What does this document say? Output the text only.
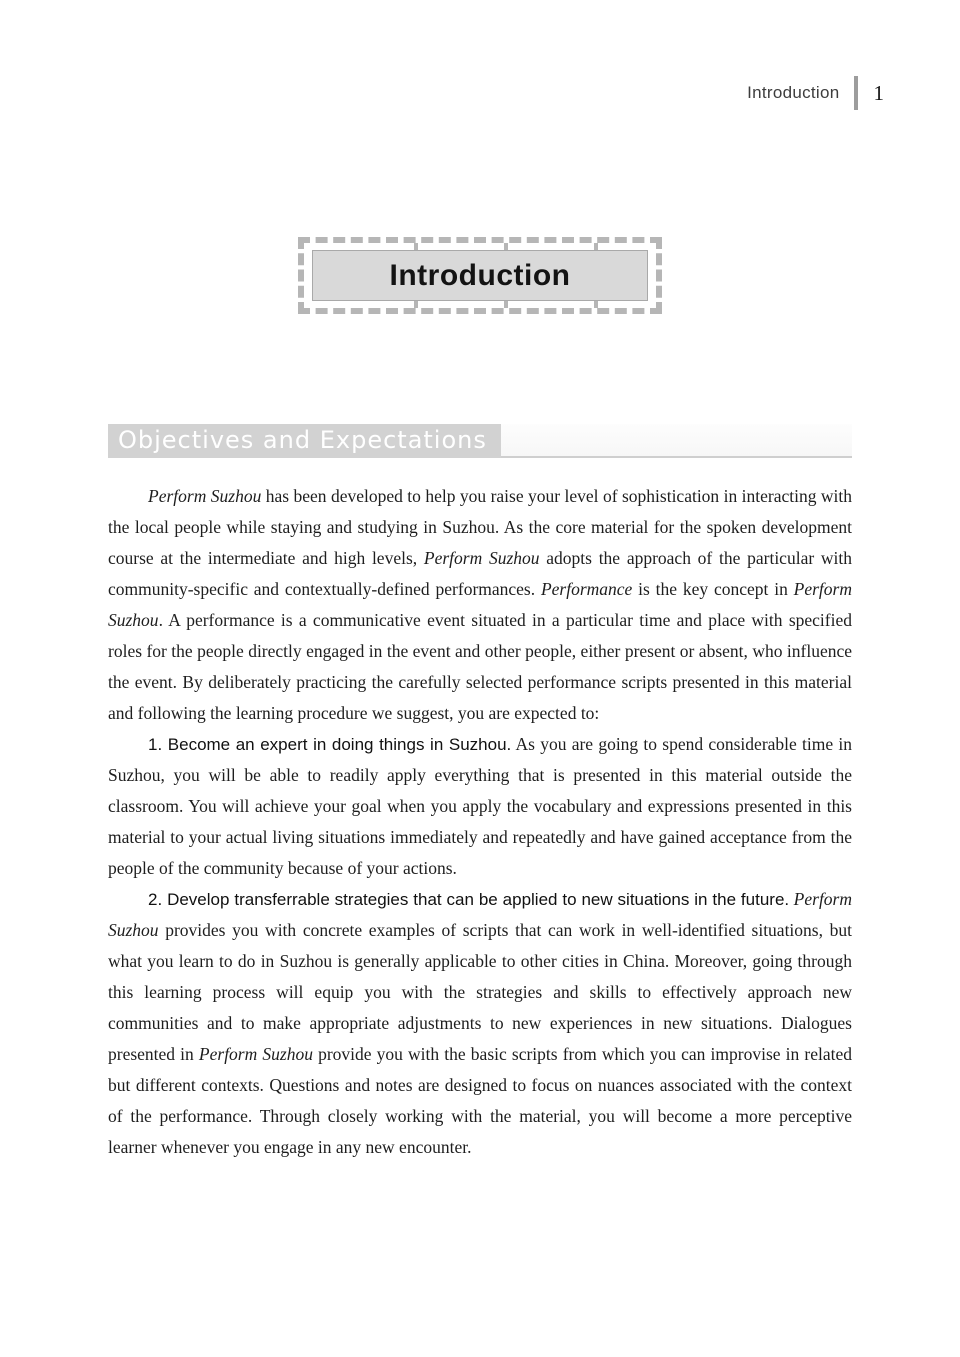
Introduction 1
Introduction
Objectives and Expectations

Perform Suzhou has been developed to help you raise your level of sophistication in interacting with the local people while staying and studying in Suzhou. As the core material for the spoken development course at the intermediate and high levels, Perform Suzhou adopts the approach of the particular with community-specific and contextually-defined performances. Performance is the key concept in Perform Suzhou. A performance is a communicative event situated in a particular time and place with specified roles for the people directly engaged in the event and other people, either present or absent, who influence the event. By deliberately practicing the carefully selected performance scripts presented in this material and following the learning procedure we suggest, you are expected to:

1. Become an expert in doing things in Suzhou. As you are going to spend considerable time in Suzhou, you will be able to readily apply everything that is presented in this material outside the classroom. You will achieve your goal when you apply the vocabulary and expressions presented in this material to your actual living situations immediately and repeatedly and have gained acceptance from the people of the community because of your actions.

2. Develop transferrable strategies that can be applied to new situations in the future. Perform Suzhou provides you with concrete examples of scripts that can work in well-identified situations, but what you learn to do in Suzhou is generally applicable to other cities in China. Moreover, going through this learning process will equip you with the strategies and skills to effectively approach new communities and to make appropriate adjustments to new experiences in new situations. Dialogues presented in Perform Suzhou provide you with the basic scripts from which you can improvise in related but different contexts. Questions and notes are designed to focus on nuances associated with the context of the performance. Through closely working with the material, you will become a more perceptive learner whenever you engage in any new encounter.
